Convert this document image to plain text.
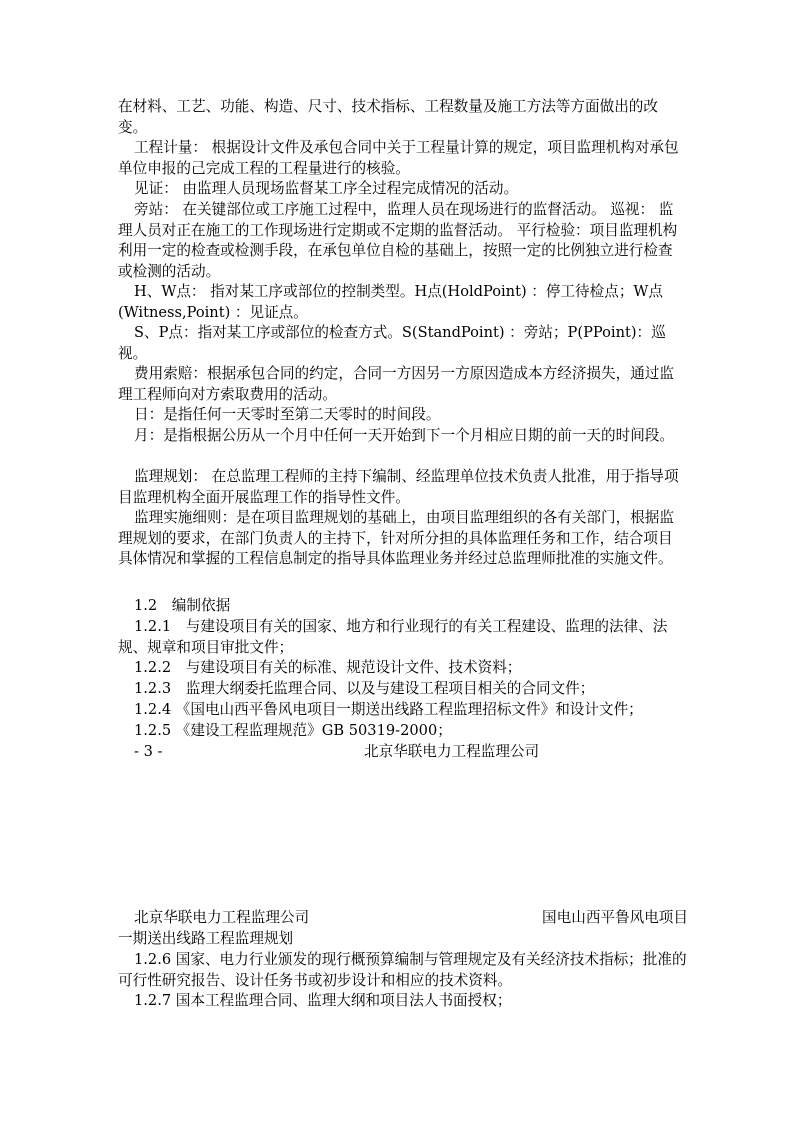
在材料、工艺、功能、构造、尺寸、技术指标、工程数量及施工方法等方面做出的改变。
工程计量： 根据设计文件及承包合同中关于工程量计算的规定，项目监理机构对承包单位申报的己完成工程的工程量进行的核验。
见证： 由监理人员现场监督某工序全过程完成情况的活动。
旁站： 在关键部位或工序施工过程中，监理人员在现场进行的监督活动。 巡视： 监理人员对正在施工的工作现场进行定期或不定期的监督活动。 平行检验：项目监理机构利用一定的检查或检测手段，在承包单位自检的基础上，按照一定的比例独立进行检查或检测的活动。
H、W点： 指对某工序或部位的控制类型。H点(HoldPoint) ：停工待检点；W点(Witness,Point) ：见证点。
S、P点：指对某工序或部位的检查方式。S(StandPoint) ：旁站；P(PPoint)：巡视。
费用索赔：根据承包合同的约定，合同一方因另一方原因造成本方经济损失，通过监理工程师向对方索取费用的活动。
日：是指任何一天零时至第二天零时的时间段。
月：是指根据公历从一个月中任何一天开始到下一个月相应日期的前一天的时间段。
监理规划： 在总监理工程师的主持下编制、经监理单位技术负责人批准，用于指导项目监理机构全面开展监理工作的指导性文件。
监理实施细则：是在项目监理规划的基础上，由项目监理组织的各有关部门，根据监理规划的要求，在部门负责人的主持下，针对所分担的具体监理任务和工作，结合项目具体情况和掌握的工程信息制定的指导具体监理业务并经过总监理师批准的实施文件。
1.2　编制依据
1.2.1　与建设项目有关的国家、地方和行业现行的有关工程建设、监理的法律、法规、规章和项目审批文件；
1.2.2　与建设项目有关的标准、规范设计文件、技术资料；
1.2.3　监理大纲委托监理合同、以及与建设工程项目相关的合同文件；
1.2.4 《国电山西平鲁风电项目一期送出线路工程监理招标文件》和设计文件；
1.2.5 《建设工程监理规范》GB 50319-2000；
- 3 -	北京华联电力工程监理公司
北京华联电力工程监理公司	国电山西平鲁风电项目
一期送出线路工程监理规划
1.2.6 国家、电力行业颁发的现行概预算编制与管理规定及有关经济技术指标；批准的可行性研究报告、设计任务书或初步设计和相应的技术资料。
1.2.7 国本工程监理合同、监理大纲和项目法人书面授权；
